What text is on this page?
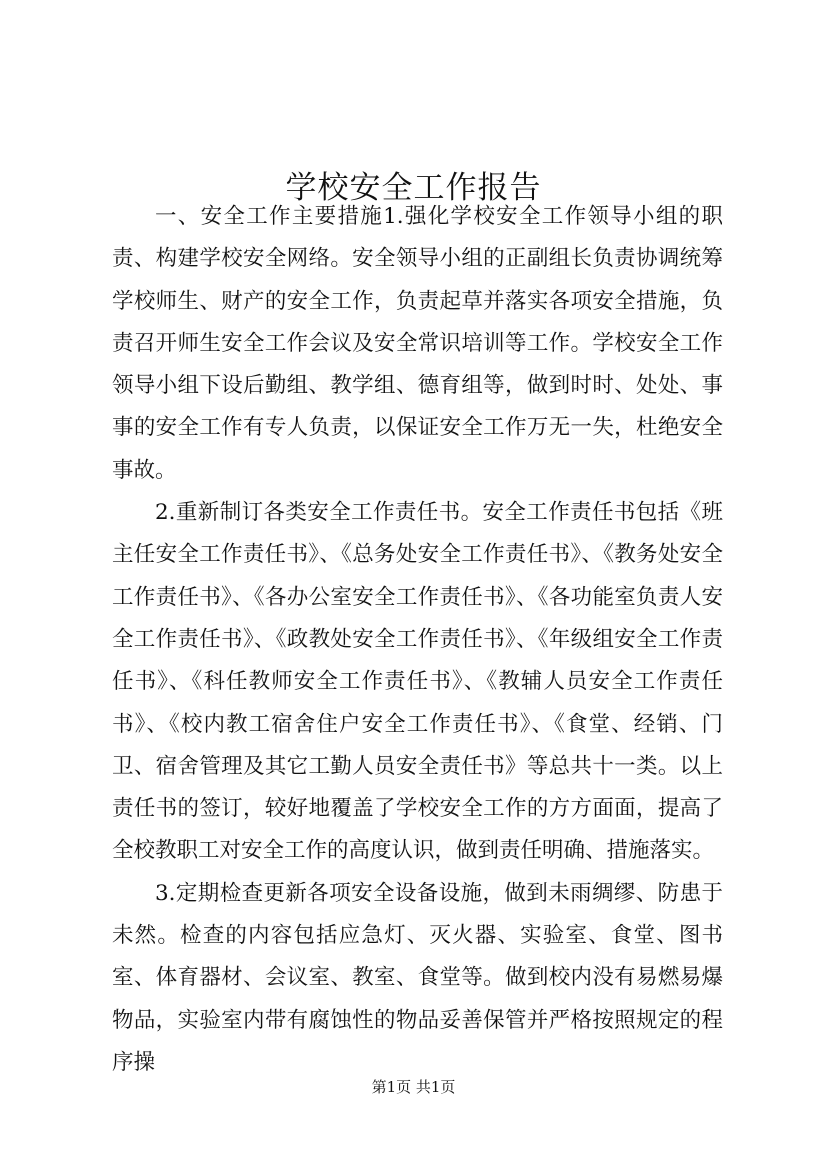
学校安全工作报告

一、安全工作主要措施1.强化学校安全工作领导小组的职责、构建学校安全网络。安全领导小组的正副组长负责协调统筹学校师生、财产的安全工作，负责起草并落实各项安全措施，负责召开师生安全工作会议及安全常识培训等工作。学校安全工作领导小组下设后勤组、教学组、德育组等，做到时时、处处、事事的安全工作有专人负责，以保证安全工作万无一失，杜绝安全事故。

2.重新制订各类安全工作责任书。安全工作责任书包括《班主任安全工作责任书》、《总务处安全工作责任书》、《教务处安全工作责任书》、《各办公室安全工作责任书》、《各功能室负责人安全工作责任书》、《政教处安全工作责任书》、《年级组安全工作责任书》、《科任教师安全工作责任书》、《教辅人员安全工作责任书》、《校内教工宿舍住户安全工作责任书》、《食堂、经销、门卫、宿舍管理及其它工勤人员安全责任书》等总共十一类。以上责任书的签订，较好地覆盖了学校安全工作的方方面面，提高了全校教职工对安全工作的高度认识，做到责任明确、措施落实。

3.定期检查更新各项安全设备设施，做到未雨绸缪、防患于未然。检查的内容包括应急灯、灭火器、实验室、食堂、图书室、体育器材、会议室、教室、食堂等。做到校内没有易燃易爆物品，实验室内带有腐蚀性的物品妥善保管并严格按照规定的程序操

第1页 共1页
